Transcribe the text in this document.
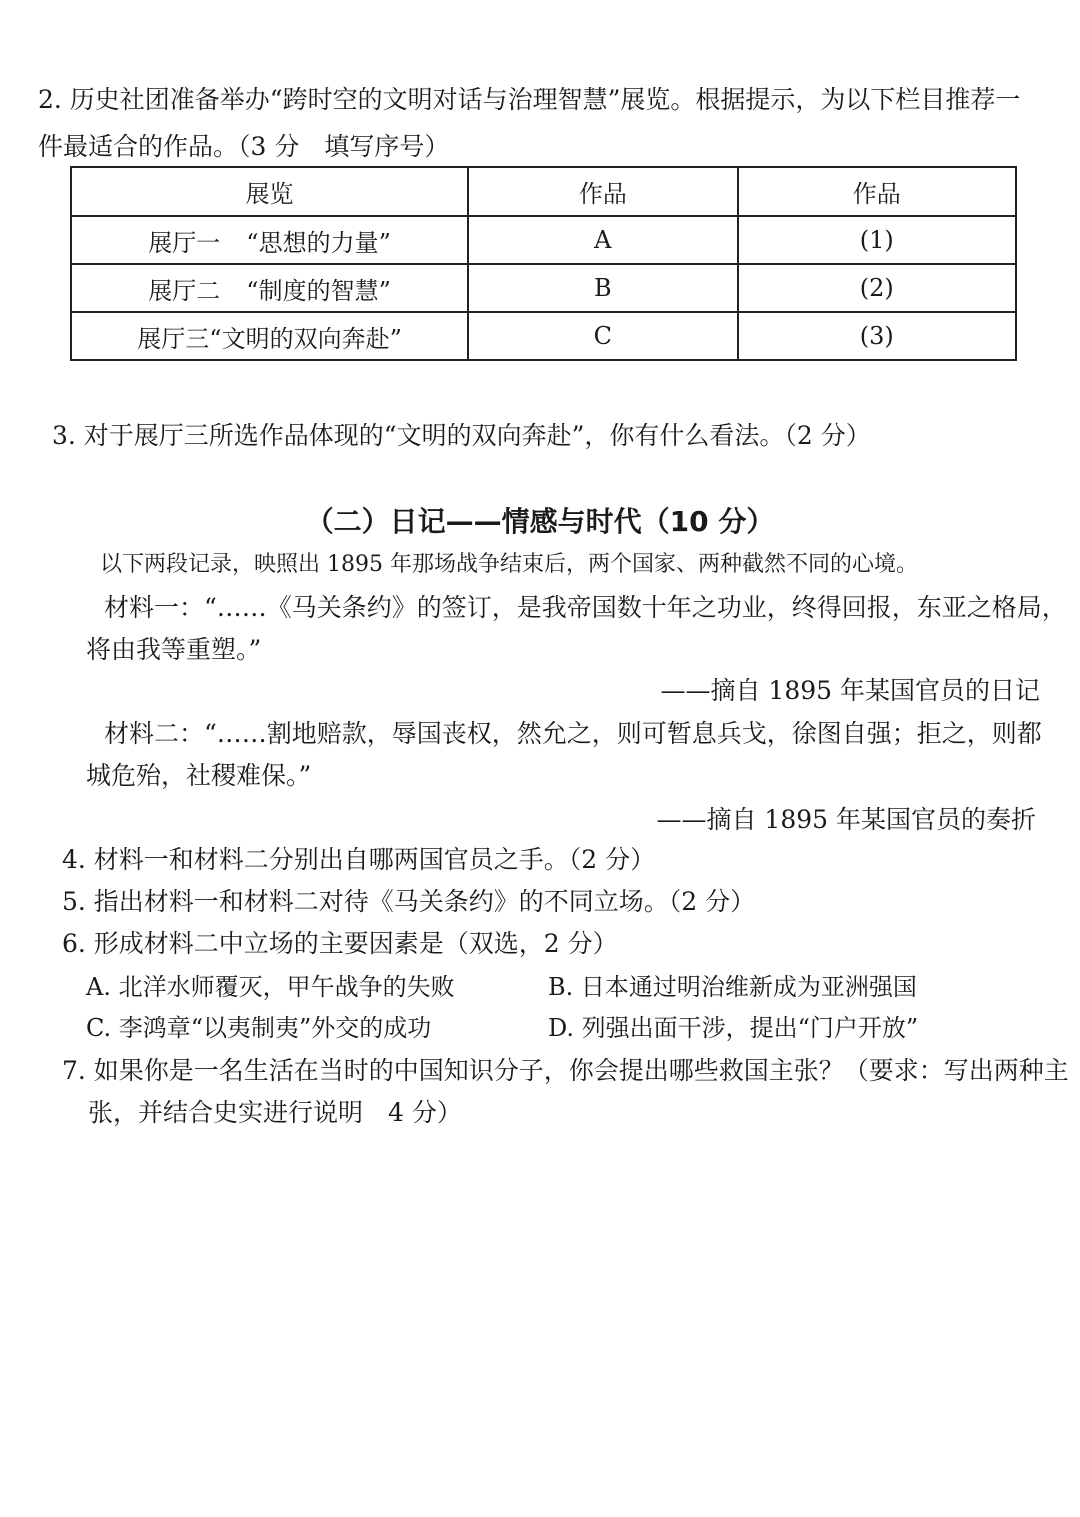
2. 历史社团准备举办“跨时空的文明对话与治理智慧”展览。根据提示，为以下栏目推荐一
件最适合的作品。（3 分　填写序号）
展览	作品	作品
展厅一 “思想的力量”	A	(1)
展厅二 “制度的智慧”	B	(2)
展厅三“文明的双向奔赴”	C	(3)
3. 对于展厅三所选作品体现的“文明的双向奔赴”，你有什么看法。（2 分）
（二）日记——情感与时代（10 分）
以下两段记录，映照出 1895 年那场战争结束后，两个国家、两种截然不同的心境。
材料一：“……《马关条约》的签订，是我帝国数十年之功业，终得回报，东亚之格局，
将由我等重塑。”
——摘自 1895 年某国官员的日记
材料二：“……割地赔款，辱国丧权，然允之，则可暂息兵戈，徐图自强；拒之，则都
城危殆，社稷难保。”
——摘自 1895 年某国官员的奏折
4. 材料一和材料二分别出自哪两国官员之手。（2 分）
5. 指出材料一和材料二对待《马关条约》的不同立场。（2 分）
6. 形成材料二中立场的主要因素是（双选，2 分）
A. 北洋水师覆灭，甲午战争的失败	B. 日本通过明治维新成为亚洲强国
C. 李鸿章“以夷制夷”外交的成功	D. 列强出面干涉，提出“门户开放”
7. 如果你是一名生活在当时的中国知识分子，你会提出哪些救国主张？（要求：写出两种主
张，并结合史实进行说明　4 分）
